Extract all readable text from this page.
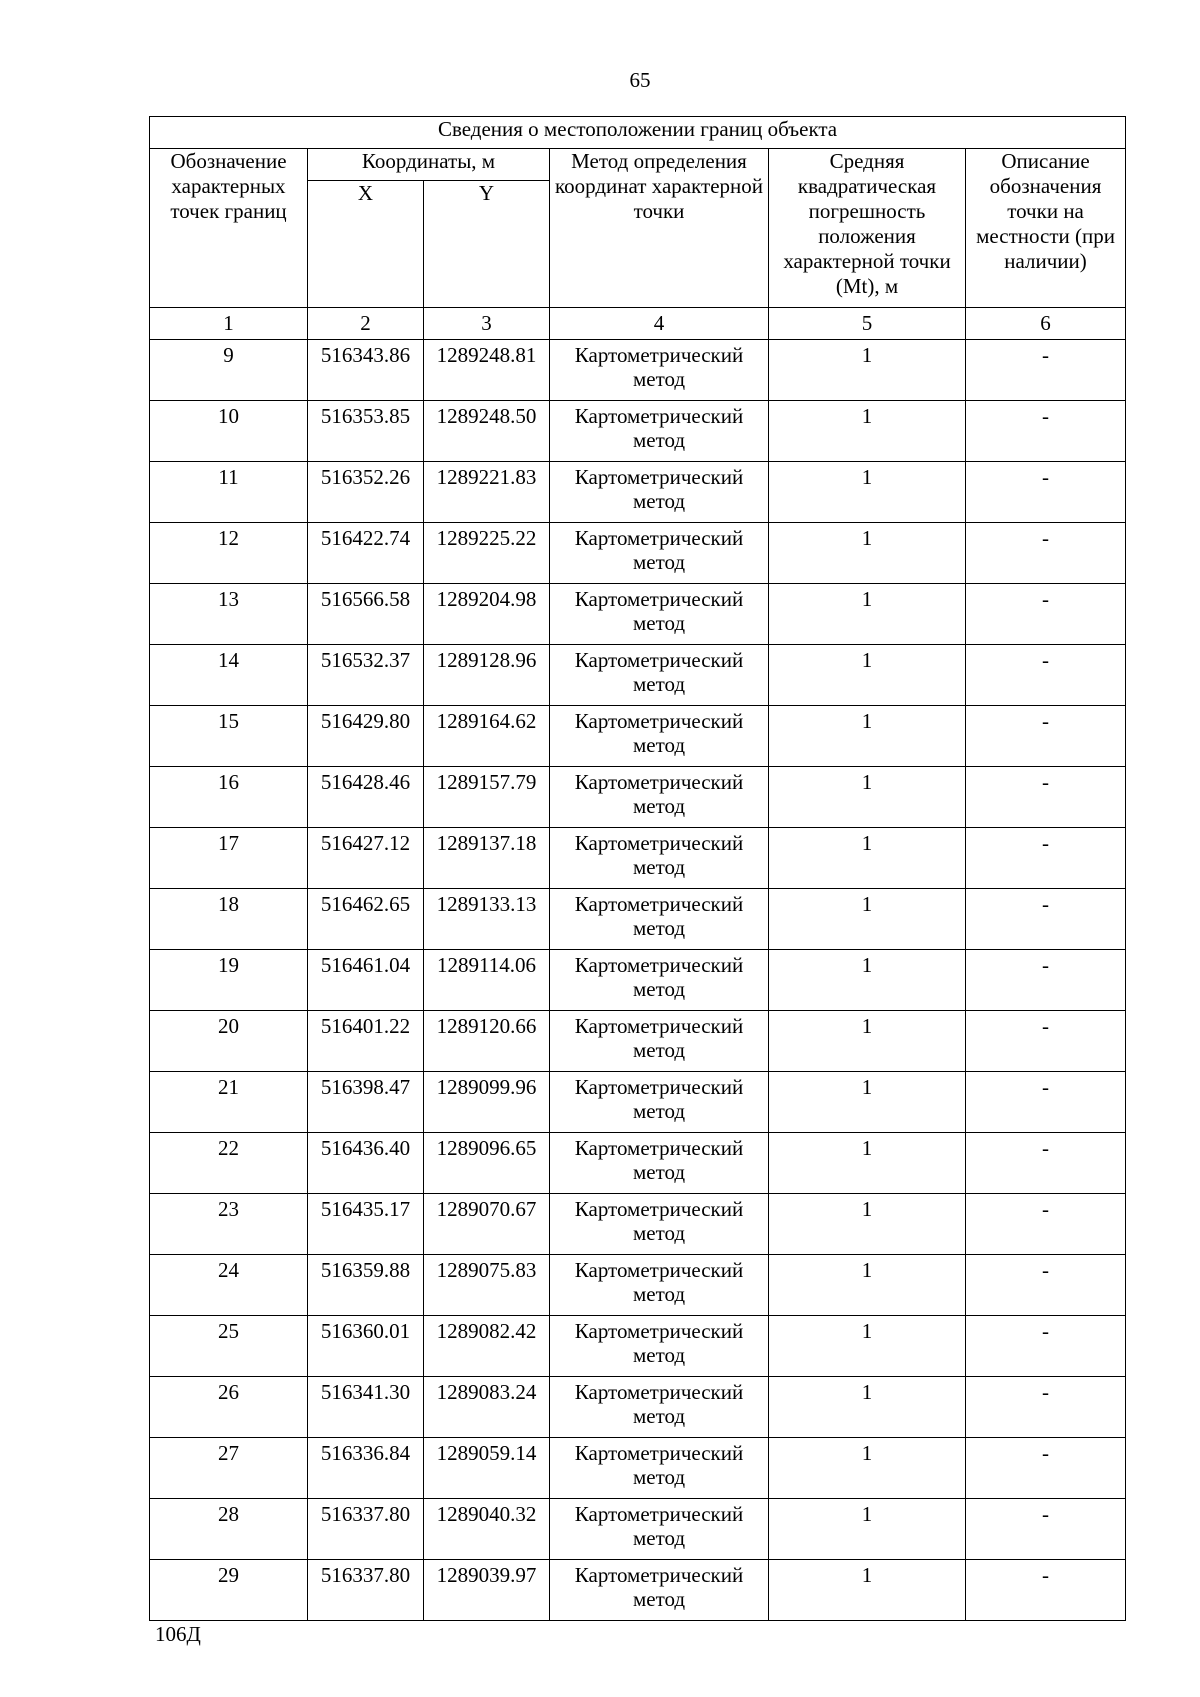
65
Сведения о местоположении границ объекта					
Обозначение характерных точек границ	Координаты, м		Метод определения координат характерной точки	Средняя квадратическая погрешность положения характерной точки (Mt), м	Описание обозначения точки на местности (при наличии)
	X	Y			
1	2	3	4	5	6
9	516343.86	1289248.81	Картометрический метод	1	-
10	516353.85	1289248.50	Картометрический метод	1	-
11	516352.26	1289221.83	Картометрический метод	1	-
12	516422.74	1289225.22	Картометрический метод	1	-
13	516566.58	1289204.98	Картометрический метод	1	-
14	516532.37	1289128.96	Картометрический метод	1	-
15	516429.80	1289164.62	Картометрический метод	1	-
16	516428.46	1289157.79	Картометрический метод	1	-
17	516427.12	1289137.18	Картометрический метод	1	-
18	516462.65	1289133.13	Картометрический метод	1	-
19	516461.04	1289114.06	Картометрический метод	1	-
20	516401.22	1289120.66	Картометрический метод	1	-
21	516398.47	1289099.96	Картометрический метод	1	-
22	516436.40	1289096.65	Картометрический метод	1	-
23	516435.17	1289070.67	Картометрический метод	1	-
24	516359.88	1289075.83	Картометрический метод	1	-
25	516360.01	1289082.42	Картометрический метод	1	-
26	516341.30	1289083.24	Картометрический метод	1	-
27	516336.84	1289059.14	Картометрический метод	1	-
28	516337.80	1289040.32	Картометрический метод	1	-
29	516337.80	1289039.97	Картометрический метод	1	-
106Д
